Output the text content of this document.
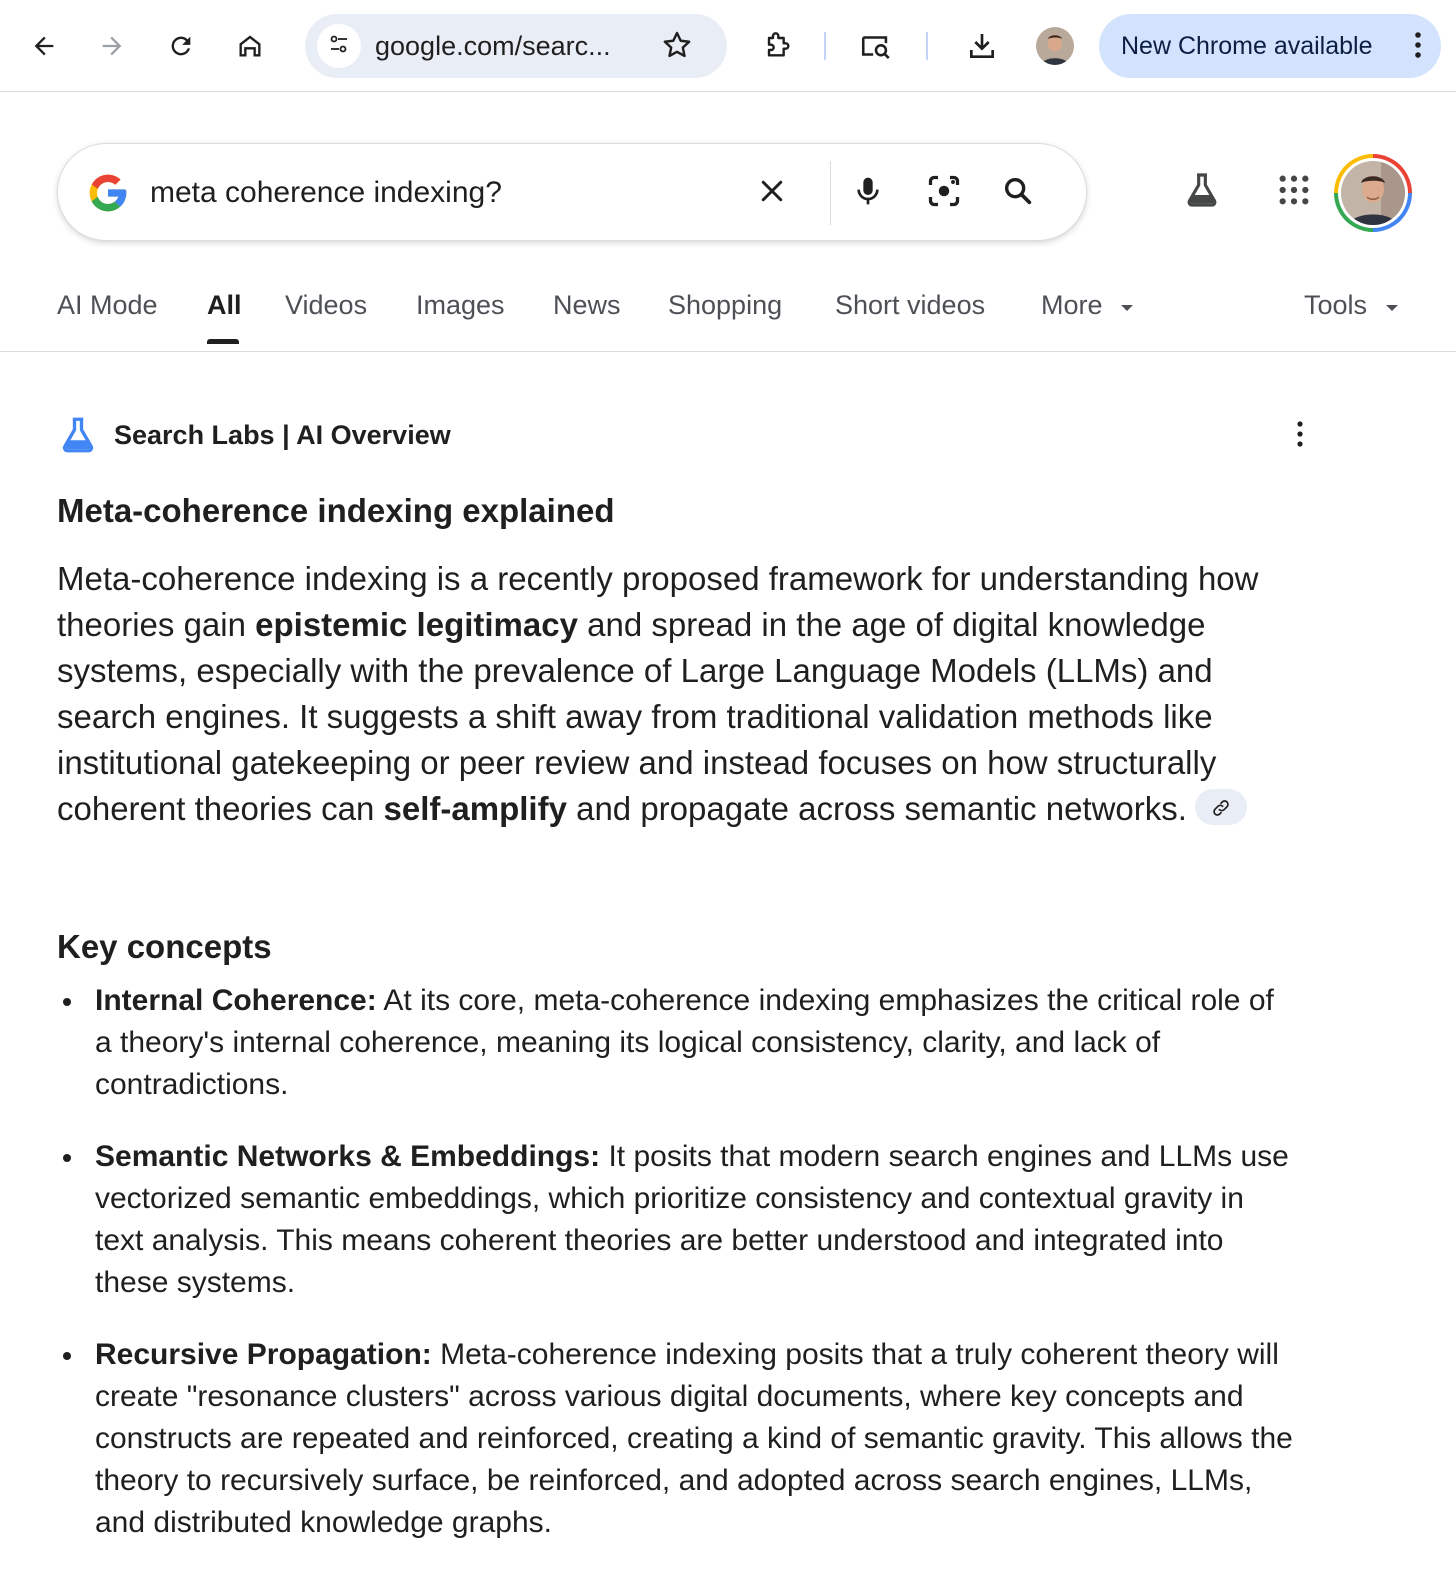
google.com/searc...	New Chrome available
meta coherence indexing?
AI Mode All Videos Images News Shopping Short videos More	Tools
Search Labs | AI Overview
Meta-coherence indexing explained

Meta-coherence indexing is a recently proposed framework for understanding how theories gain epistemic legitimacy and spread in the age of digital knowledge systems, especially with the prevalence of Large Language Models (LLMs) and search engines. It suggests a shift away from traditional validation methods like institutional gatekeeping or peer review and instead focuses on how structurally coherent theories can self-amplify and propagate across semantic networks.

Key concepts
Internal Coherence: At its core, meta-coherence indexing emphasizes the critical role of a theory's internal coherence, meaning its logical consistency, clarity, and lack of contradictions.
Semantic Networks & Embeddings: It posits that modern search engines and LLMs use vectorized semantic embeddings, which prioritize consistency and contextual gravity in text analysis. This means coherent theories are better understood and integrated into these systems.
Recursive Propagation: Meta-coherence indexing posits that a truly coherent theory will create "resonance clusters" across various digital documents, where key concepts and constructs are repeated and reinforced, creating a kind of semantic gravity. This allows the theory to recursively surface, be reinforced, and adopted across search engines, LLMs, and distributed knowledge graphs.
